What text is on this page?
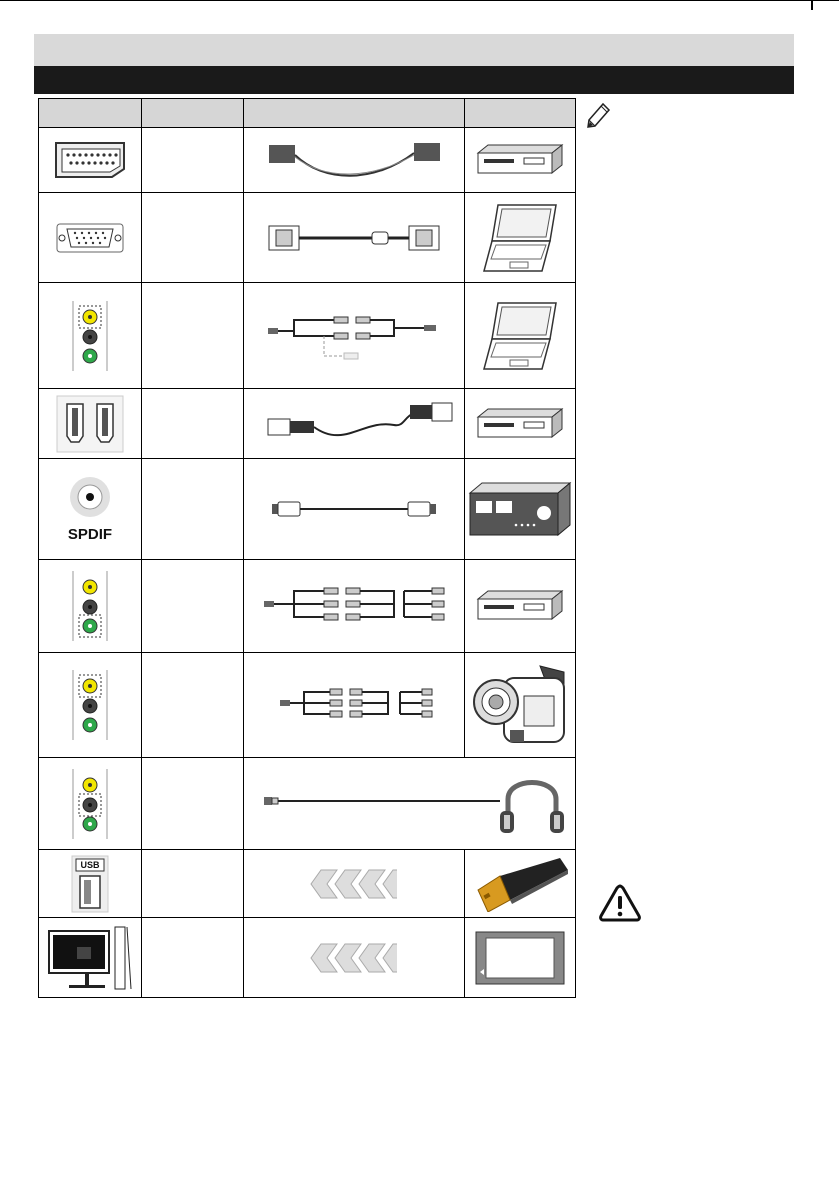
SPDIF

USB
